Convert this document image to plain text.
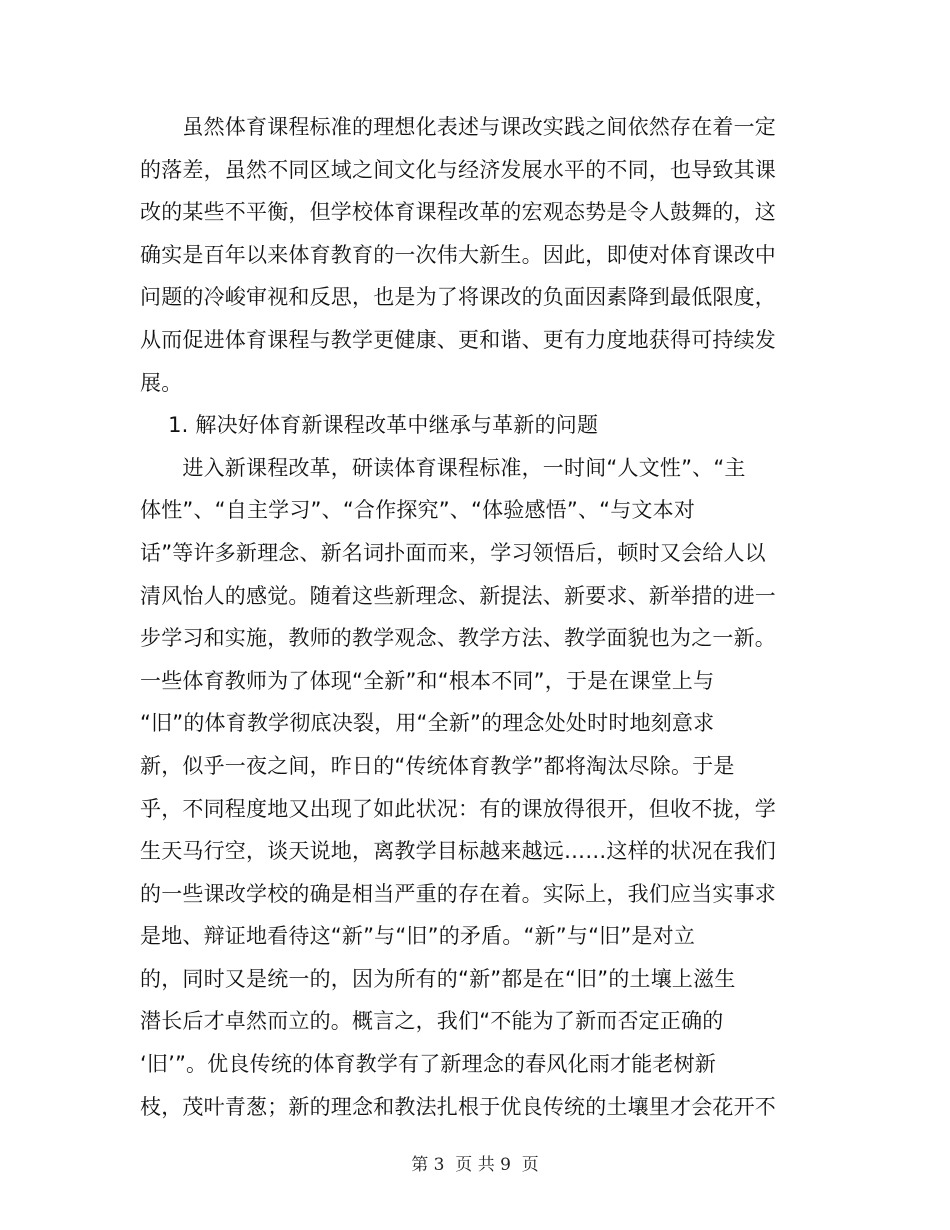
　　虽然体育课程标准的理想化表述与课改实践之间依然存在着一定
的落差，虽然不同区域之间文化与经济发展水平的不同，也导致其课
改的某些不平衡，但学校体育课程改革的宏观态势是令人鼓舞的，这
确实是百年以来体育教育的一次伟大新生。因此，即使对体育课改中
问题的冷峻审视和反思，也是为了将课改的负面因素降到最低限度，
从而促进体育课程与教学更健康、更和谐、更有力度地获得可持续发
展。
　 1. 解决好体育新课程改革中继承与革新的问题
　　进入新课程改革，研读体育课程标准，一时间“人文性”、“主
体性”、“自主学习”、“合作探究”、“体验感悟”、“与文本对
话”等许多新理念、新名词扑面而来，学习领悟后，顿时又会给人以
清风怡人的感觉。随着这些新理念、新提法、新要求、新举措的进一
步学习和实施，教师的教学观念、教学方法、教学面貌也为之一新。
一些体育教师为了体现“全新”和“根本不同”，于是在课堂上与
“旧”的体育教学彻底决裂，用“全新”的理念处处时时地刻意求
新，似乎一夜之间，昨日的“传统体育教学”都将淘汰尽除。于是
乎，不同程度地又出现了如此状况：有的课放得很开，但收不拢，学
生天马行空，谈天说地，离教学目标越来越远……这样的状况在我们
的一些课改学校的确是相当严重的存在着。实际上，我们应当实事求
是地、辩证地看待这“新”与“旧”的矛盾。“新”与“旧”是对立
的，同时又是统一的，因为所有的“新”都是在“旧”的土壤上滋生
潜长后才卓然而立的。概言之，我们“不能为了新而否定正确的
‘旧’”。优良传统的体育教学有了新理念的春风化雨才能老树新
枝，茂叶青葱；新的理念和教法扎根于优良传统的土壤里才会花开不
第 3  页 共 9  页
